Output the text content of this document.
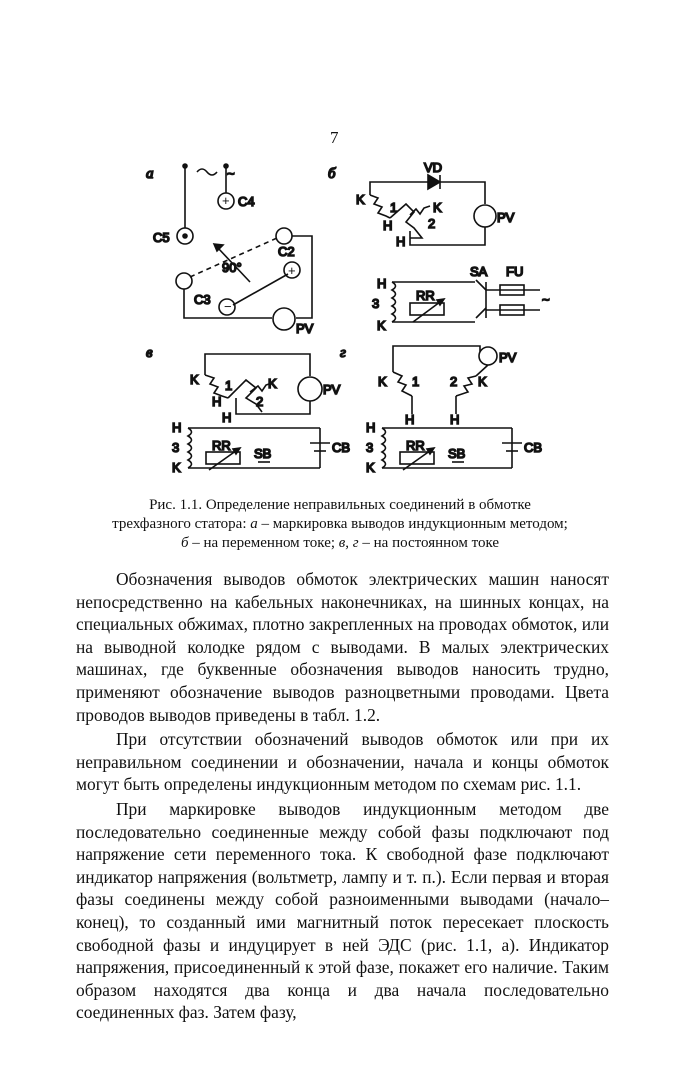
7
а	~
+ C4
C5
+
−
C2
C3
90°
PV
б	VD
PV
K
1	K
H	2
H
H
3
K
RR
SA FU
~
в
PV
K 1	K
H	2
H
H
3
K
RR
SB	CB
г	PV
K 1 2 K
H	H
H
3
K
RR
SB	CB
Рис. 1.1. Определение неправильных соединений в обмотке
трехфазного статора: а – маркировка выводов индукционным методом;
б – на переменном токе; в, г – на постоянном токе

Обозначения выводов обмоток электрических машин наносят непосредственно на кабельных наконечниках, на шинных концах, на специальных обжимах, плотно закрепленных на проводах обмоток, или на выводной колодке рядом с выводами. В малых электрических машинах, где буквенные обозначения выводов наносить трудно, применяют обозначение выводов разноцветными проводами. Цвета проводов выводов приведены в табл. 1.2.

При отсутствии обозначений выводов обмоток или при их неправильном соединении и обозначении, начала и концы обмоток могут быть определены индукционным методом по схемам рис. 1.1.

При маркировке выводов индукционным методом две последовательно соединенные между собой фазы подключают под напряжение сети переменного тока. К свободной фазе подключают индикатор напряжения (вольтметр, лампу и т. п.). Если первая и вторая фазы соединены между собой разноименными выводами (начало–конец), то созданный ими магнитный поток пересекает плоскость свободной фазы и индуцирует в ней ЭДС (рис. 1.1, а). Индикатор напряжения, присоединенный к этой фазе, покажет его наличие. Таким образом находятся два конца и два начала последовательно соединенных фаз. Затем фазу,
